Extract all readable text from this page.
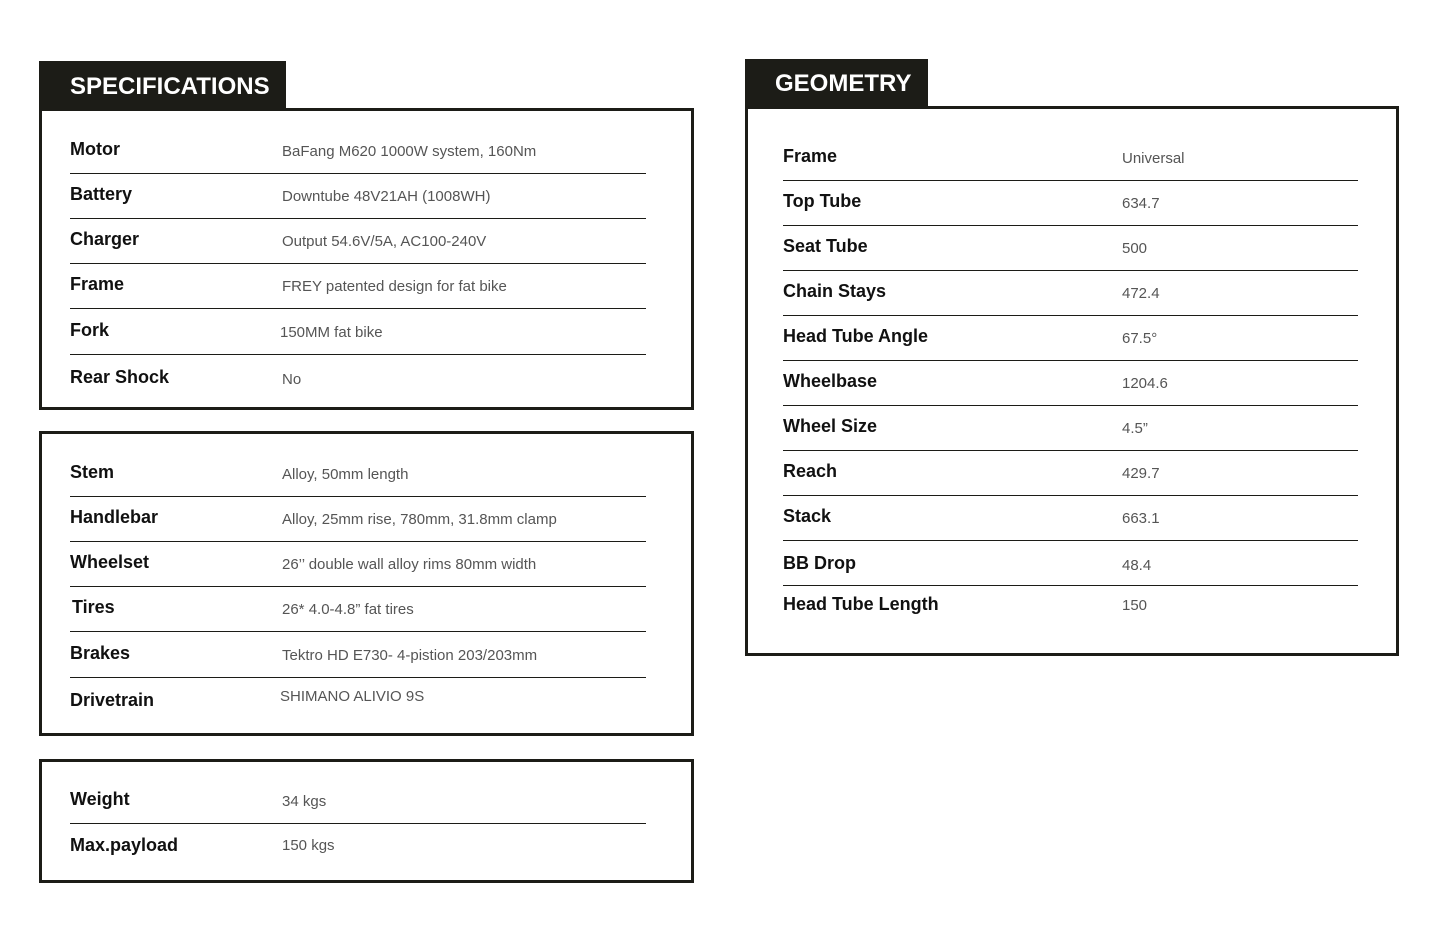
SPECIFICATIONS
Motor	BaFang M620 1000W system, 160Nm
Battery	Downtube 48V21AH (1008WH)
Charger	Output 54.6V/5A, AC100-240V
Frame	FREY patented design for fat bike
Fork	150MM fat bike
Rear Shock	No
Stem	Alloy, 50mm length
Handlebar	Alloy, 25mm rise, 780mm, 31.8mm clamp
Wheelset	26’’ double wall alloy rims 80mm width
Tires	26* 4.0-4.8” fat tires
Brakes	Tektro HD E730- 4-pistion 203/203mm
Drivetrain	SHIMANO ALIVIO 9S
Weight	34 kgs
Max.payload	150 kgs
GEOMETRY
Frame	Universal
Top Tube	634.7
Seat Tube	500
Chain Stays	472.4
Head Tube Angle	67.5°
Wheelbase	1204.6
Wheel Size	4.5”
Reach	429.7
Stack	663.1
BB Drop	48.4
Head Tube Length	150
